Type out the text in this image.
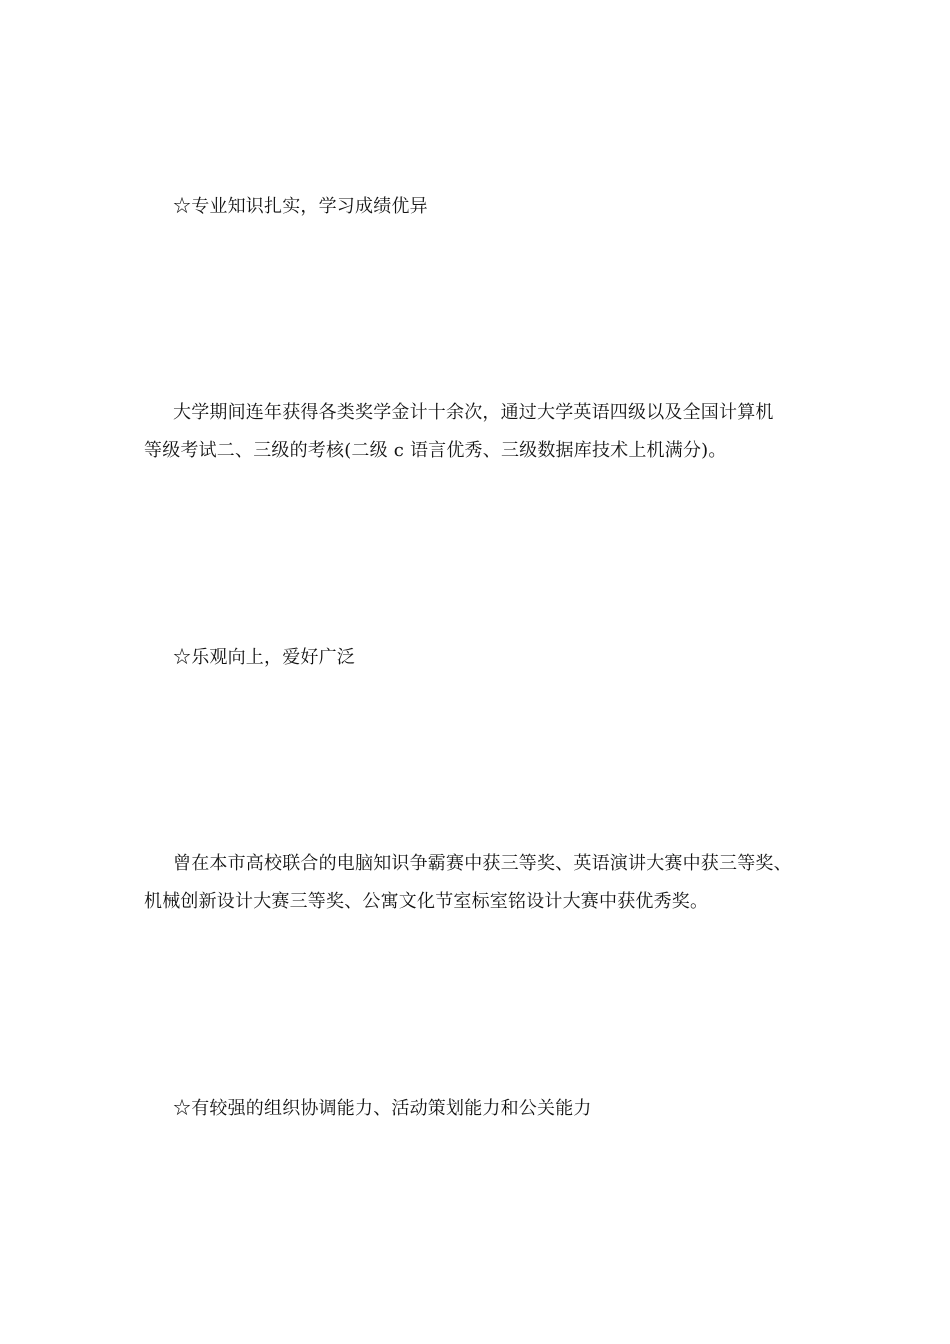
☆专业知识扎实，学习成绩优异

大学期间连年获得各类奖学金计十余次，通过大学英语四级以及全国计算机

等级考试二、三级的考核(二级 c 语言优秀、三级数据库技术上机满分)。

☆乐观向上，爱好广泛

曾在本市高校联合的电脑知识争霸赛中获三等奖、英语演讲大赛中获三等奖、

机械创新设计大赛三等奖、公寓文化节室标室铭设计大赛中获优秀奖。

☆有较强的组织协调能力、活动策划能力和公关能力
